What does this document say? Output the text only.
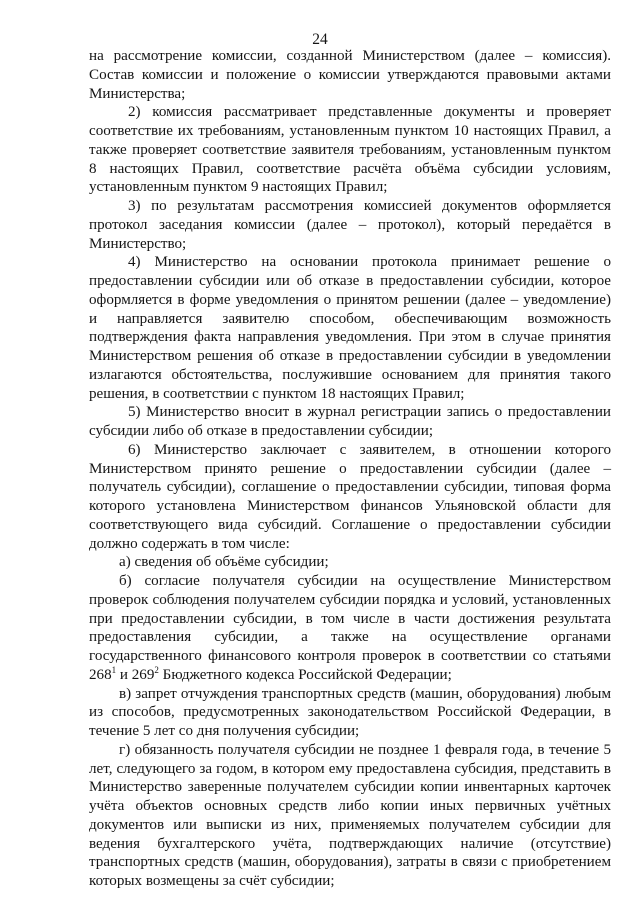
24

на рассмотрение комиссии, созданной Министерством (далее – комиссия). Состав комиссии и положение о комиссии утверждаются правовыми актами Министерства;

2) комиссия рассматривает представленные документы и проверяет соответствие их требованиям, установленным пунктом 10 настоящих Правил, а также проверяет соответствие заявителя требованиям, установленным пунктом 8 настоящих Правил, соответствие расчёта объёма субсидии условиям, установленным пунктом 9 настоящих Правил;

3) по результатам рассмотрения комиссией документов оформляется протокол заседания комиссии (далее – протокол), который передаётся в Министерство;

4) Министерство на основании протокола принимает решение о предоставлении субсидии или об отказе в предоставлении субсидии, которое оформляется в форме уведомления о принятом решении (далее – уведомление) и направляется заявителю способом, обеспечивающим возможность подтверждения факта направления уведомления. При этом в случае принятия Министерством решения об отказе в предоставлении субсидии в уведомлении излагаются обстоятельства, послужившие основанием для принятия такого решения, в соответствии с пунктом 18 настоящих Правил;

5) Министерство вносит в журнал регистрации запись о предоставлении субсидии либо об отказе в предоставлении субсидии;

6) Министерство заключает с заявителем, в отношении которого Министерством принято решение о предоставлении субсидии (далее – получатель субсидии), соглашение о предоставлении субсидии, типовая форма которого установлена Министерством финансов Ульяновской области для соответствующего вида субсидий. Соглашение о предоставлении субсидии должно содержать в том числе:

а) сведения об объёме субсидии;

б) согласие получателя субсидии на осуществление Министерством проверок соблюдения получателем субсидии порядка и условий, установленных при предоставлении субсидии, в том числе в части достижения результата предоставления субсидии, а также на осуществление органами государственного финансового контроля проверок в соответствии со статьями $268^1$ и $269^2$ Бюджетного кодекса Российской Федерации;

в) запрет отчуждения транспортных средств (машин, оборудования) любым из способов, предусмотренных законодательством Российской Федерации, в течение 5 лет со дня получения субсидии;

г) обязанность получателя субсидии не позднее 1 февраля года, в течение 5 лет, следующего за годом, в котором ему предоставлена субсидия, представить в Министерство заверенные получателем субсидии копии инвентарных карточек учёта объектов основных средств либо копии иных первичных учётных документов или выписки из них, применяемых получателем субсидии для ведения бухгалтерского учёта, подтверждающих наличие (отсутствие) транспортных средств (машин, оборудования), затраты в связи с приобретением которых возмещены за счёт субсидии;
